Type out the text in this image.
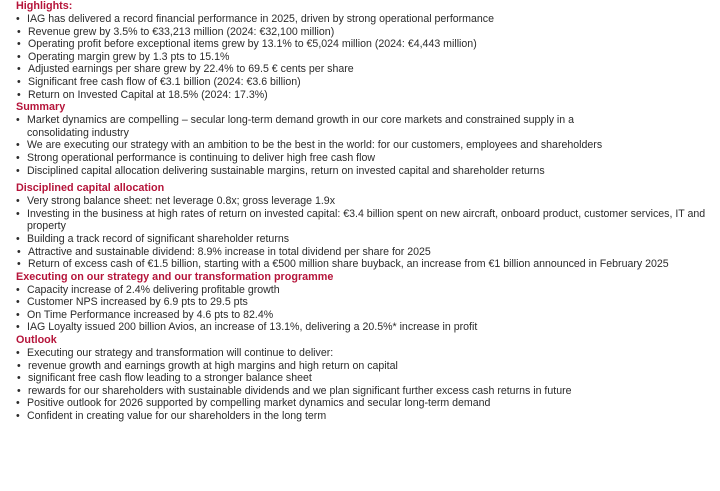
Highlights:
• IAG has delivered a record financial performance in 2025, driven by strong operational performance
• Revenue grew by 3.5% to €33,213 million (2024: €32,100 million)
• Operating profit before exceptional items grew by 13.1% to €5,024 million (2024: €4,443 million)
• Operating margin grew by 1.3 pts to 15.1%
• Adjusted earnings per share grew by 22.4% to 69.5 € cents per share
• Significant free cash flow of €3.1 billion (2024: €3.6 billion)
• Return on Invested Capital at 18.5% (2024: 17.3%)
Summary
• Market dynamics are compelling – secular long-term demand growth in our core markets and constrained supply in a consolidating industry
• We are executing our strategy with an ambition to be the best in the world: for our customers, employees and shareholders
• Strong operational performance is continuing to deliver high free cash flow
• Disciplined capital allocation delivering sustainable margins, return on invested capital and shareholder returns
Disciplined capital allocation
• Very strong balance sheet: net leverage 0.8x; gross leverage 1.9x
• Investing in the business at high rates of return on invested capital: €3.4 billion spent on new aircraft, onboard product, customer services, IT and property
• Building a track record of significant shareholder returns
• Attractive and sustainable dividend: 8.9% increase in total dividend per share for 2025
• Return of excess cash of €1.5 billion, starting with a €500 million share buyback, an increase from €1 billion announced in February 2025
Executing on our strategy and our transformation programme
• Capacity increase of 2.4% delivering profitable growth
• Customer NPS increased by 6.9 pts to 29.5 pts
• On Time Performance increased by 4.6 pts to 82.4%
• IAG Loyalty issued 200 billion Avios, an increase of 13.1%, delivering a 20.5%* increase in profit
Outlook
• Executing our strategy and transformation will continue to deliver:
• revenue growth and earnings growth at high margins and high return on capital
• significant free cash flow leading to a stronger balance sheet
• rewards for our shareholders with sustainable dividends and we plan significant further excess cash returns in future
• Positive outlook for 2026 supported by compelling market dynamics and secular long-term demand
• Confident in creating value for our shareholders in the long term
